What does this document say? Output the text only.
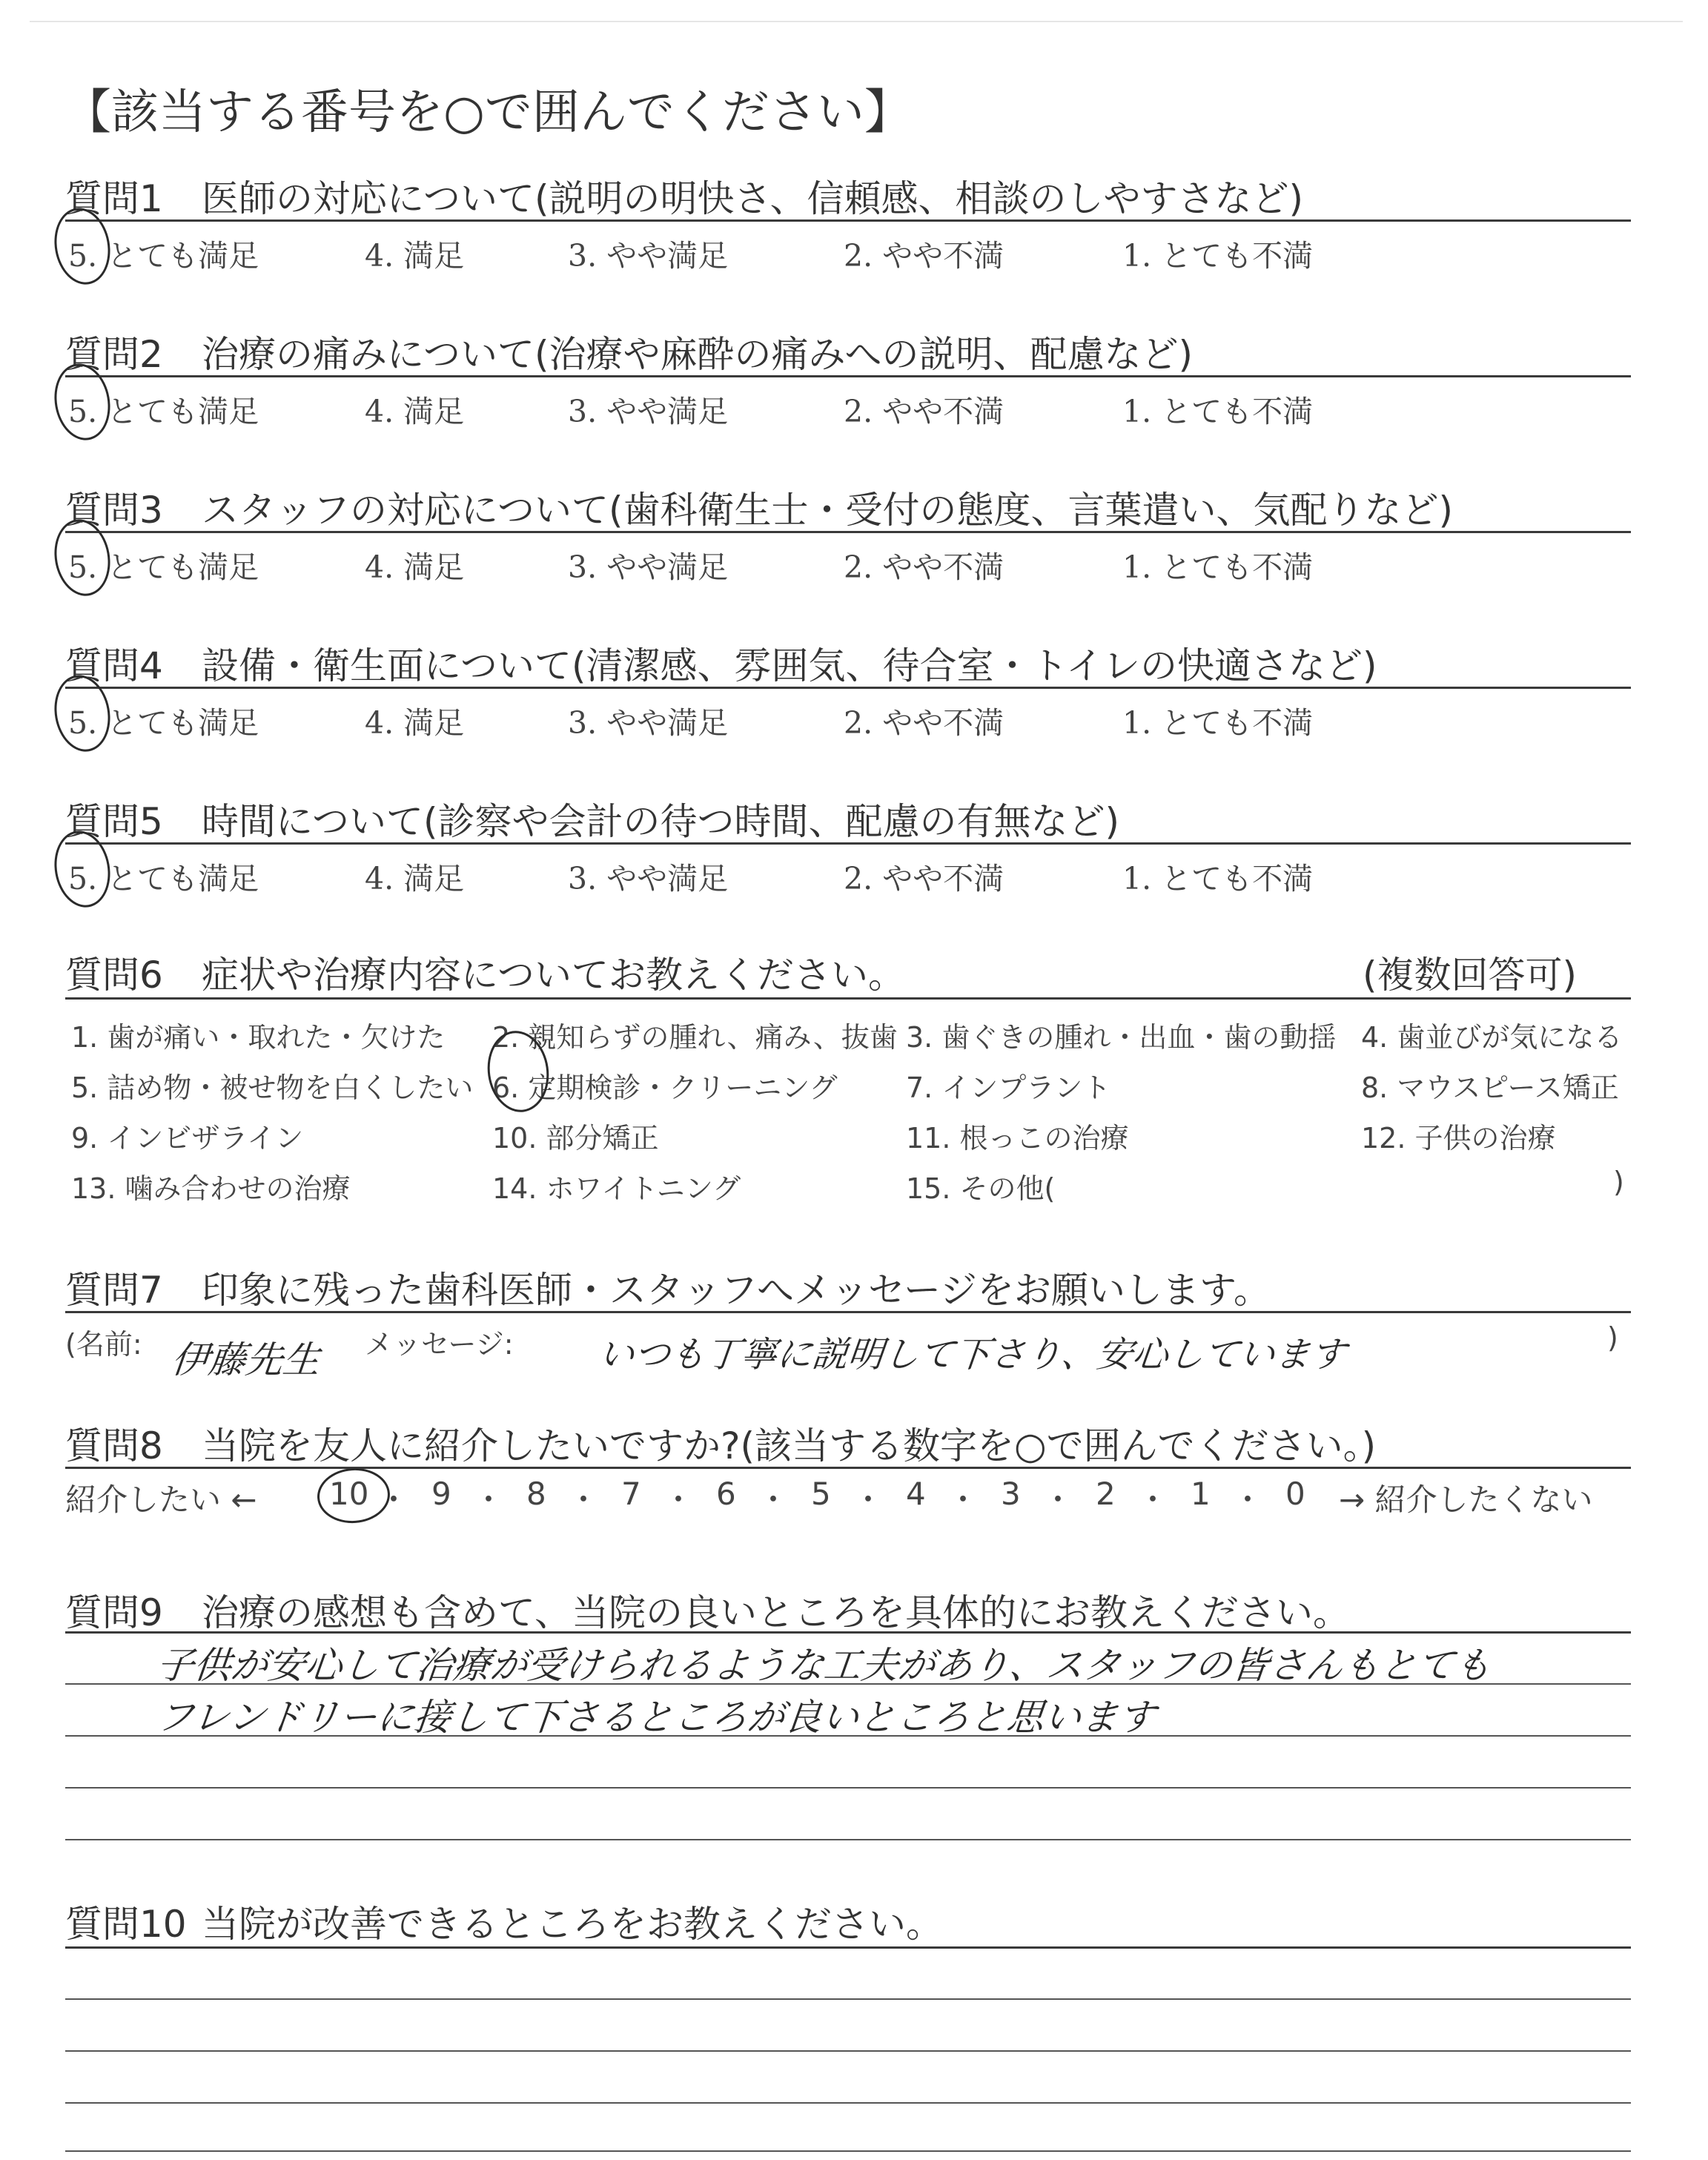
【該当する番号を○で囲んでください】
質問1 医師の対応について(説明の明快さ、信頼感、相談のしやすさなど)
5. とても満足	4. 満足	3. やや満足	2. やや不満	1. とても不満
質問2 治療の痛みについて(治療や麻酔の痛みへの説明、配慮など)
5. とても満足	4. 満足	3. やや満足	2. やや不満	1. とても不満
質問3 スタッフの対応について(歯科衛生士・受付の態度、言葉遣い、気配りなど)
5. とても満足	4. 満足	3. やや満足	2. やや不満	1. とても不満
質問4 設備・衛生面について(清潔感、雰囲気、待合室・トイレの快適さなど)
5. とても満足	4. 満足	3. やや満足	2. やや不満	1. とても不満
質問5 時間について(診察や会計の待つ時間、配慮の有無など)
5. とても満足	4. 満足	3. やや満足	2. やや不満	1. とても不満
質問6 症状や治療内容についてお教えください。	(複数回答可)
1. 歯が痛い・取れた・欠けた 2. 親知らずの腫れ、痛み、抜歯 3. 歯ぐきの腫れ・出血・歯の動揺 4. 歯並びが気になる
5. 詰め物・被せ物を白くしたい 6. 定期検診・クリーニング 7. インプラント	8. マウスピース矯正
9. インビザライン	10. 部分矯正	11. 根っこの治療	12. 子供の治療
13. 噛み合わせの治療	14. ホワイトニング	15. その他(	)
質問7 印象に残った歯科医師・スタッフへメッセージをお願いします。
(名前: 伊藤先生 メッセージ: いつも丁寧に説明して下さり、安心しています	)
質問8 当院を友人に紹介したいですか?(該当する数字を○で囲んでください。)
紹介したい ← 10 ・ 9 ・ 8 ・ 7 ・ 6 ・ 5 ・ 4 ・ 3 ・ 2 ・ 1 ・ 0 → 紹介したくない
質問9 治療の感想も含めて、当院の良いところを具体的にお教えください。
子供が安心して治療が受けられるような工夫があり、スタッフの皆さんもとても
フレンドリーに接して下さるところが良いところと思います
質問10 当院が改善できるところをお教えください。
